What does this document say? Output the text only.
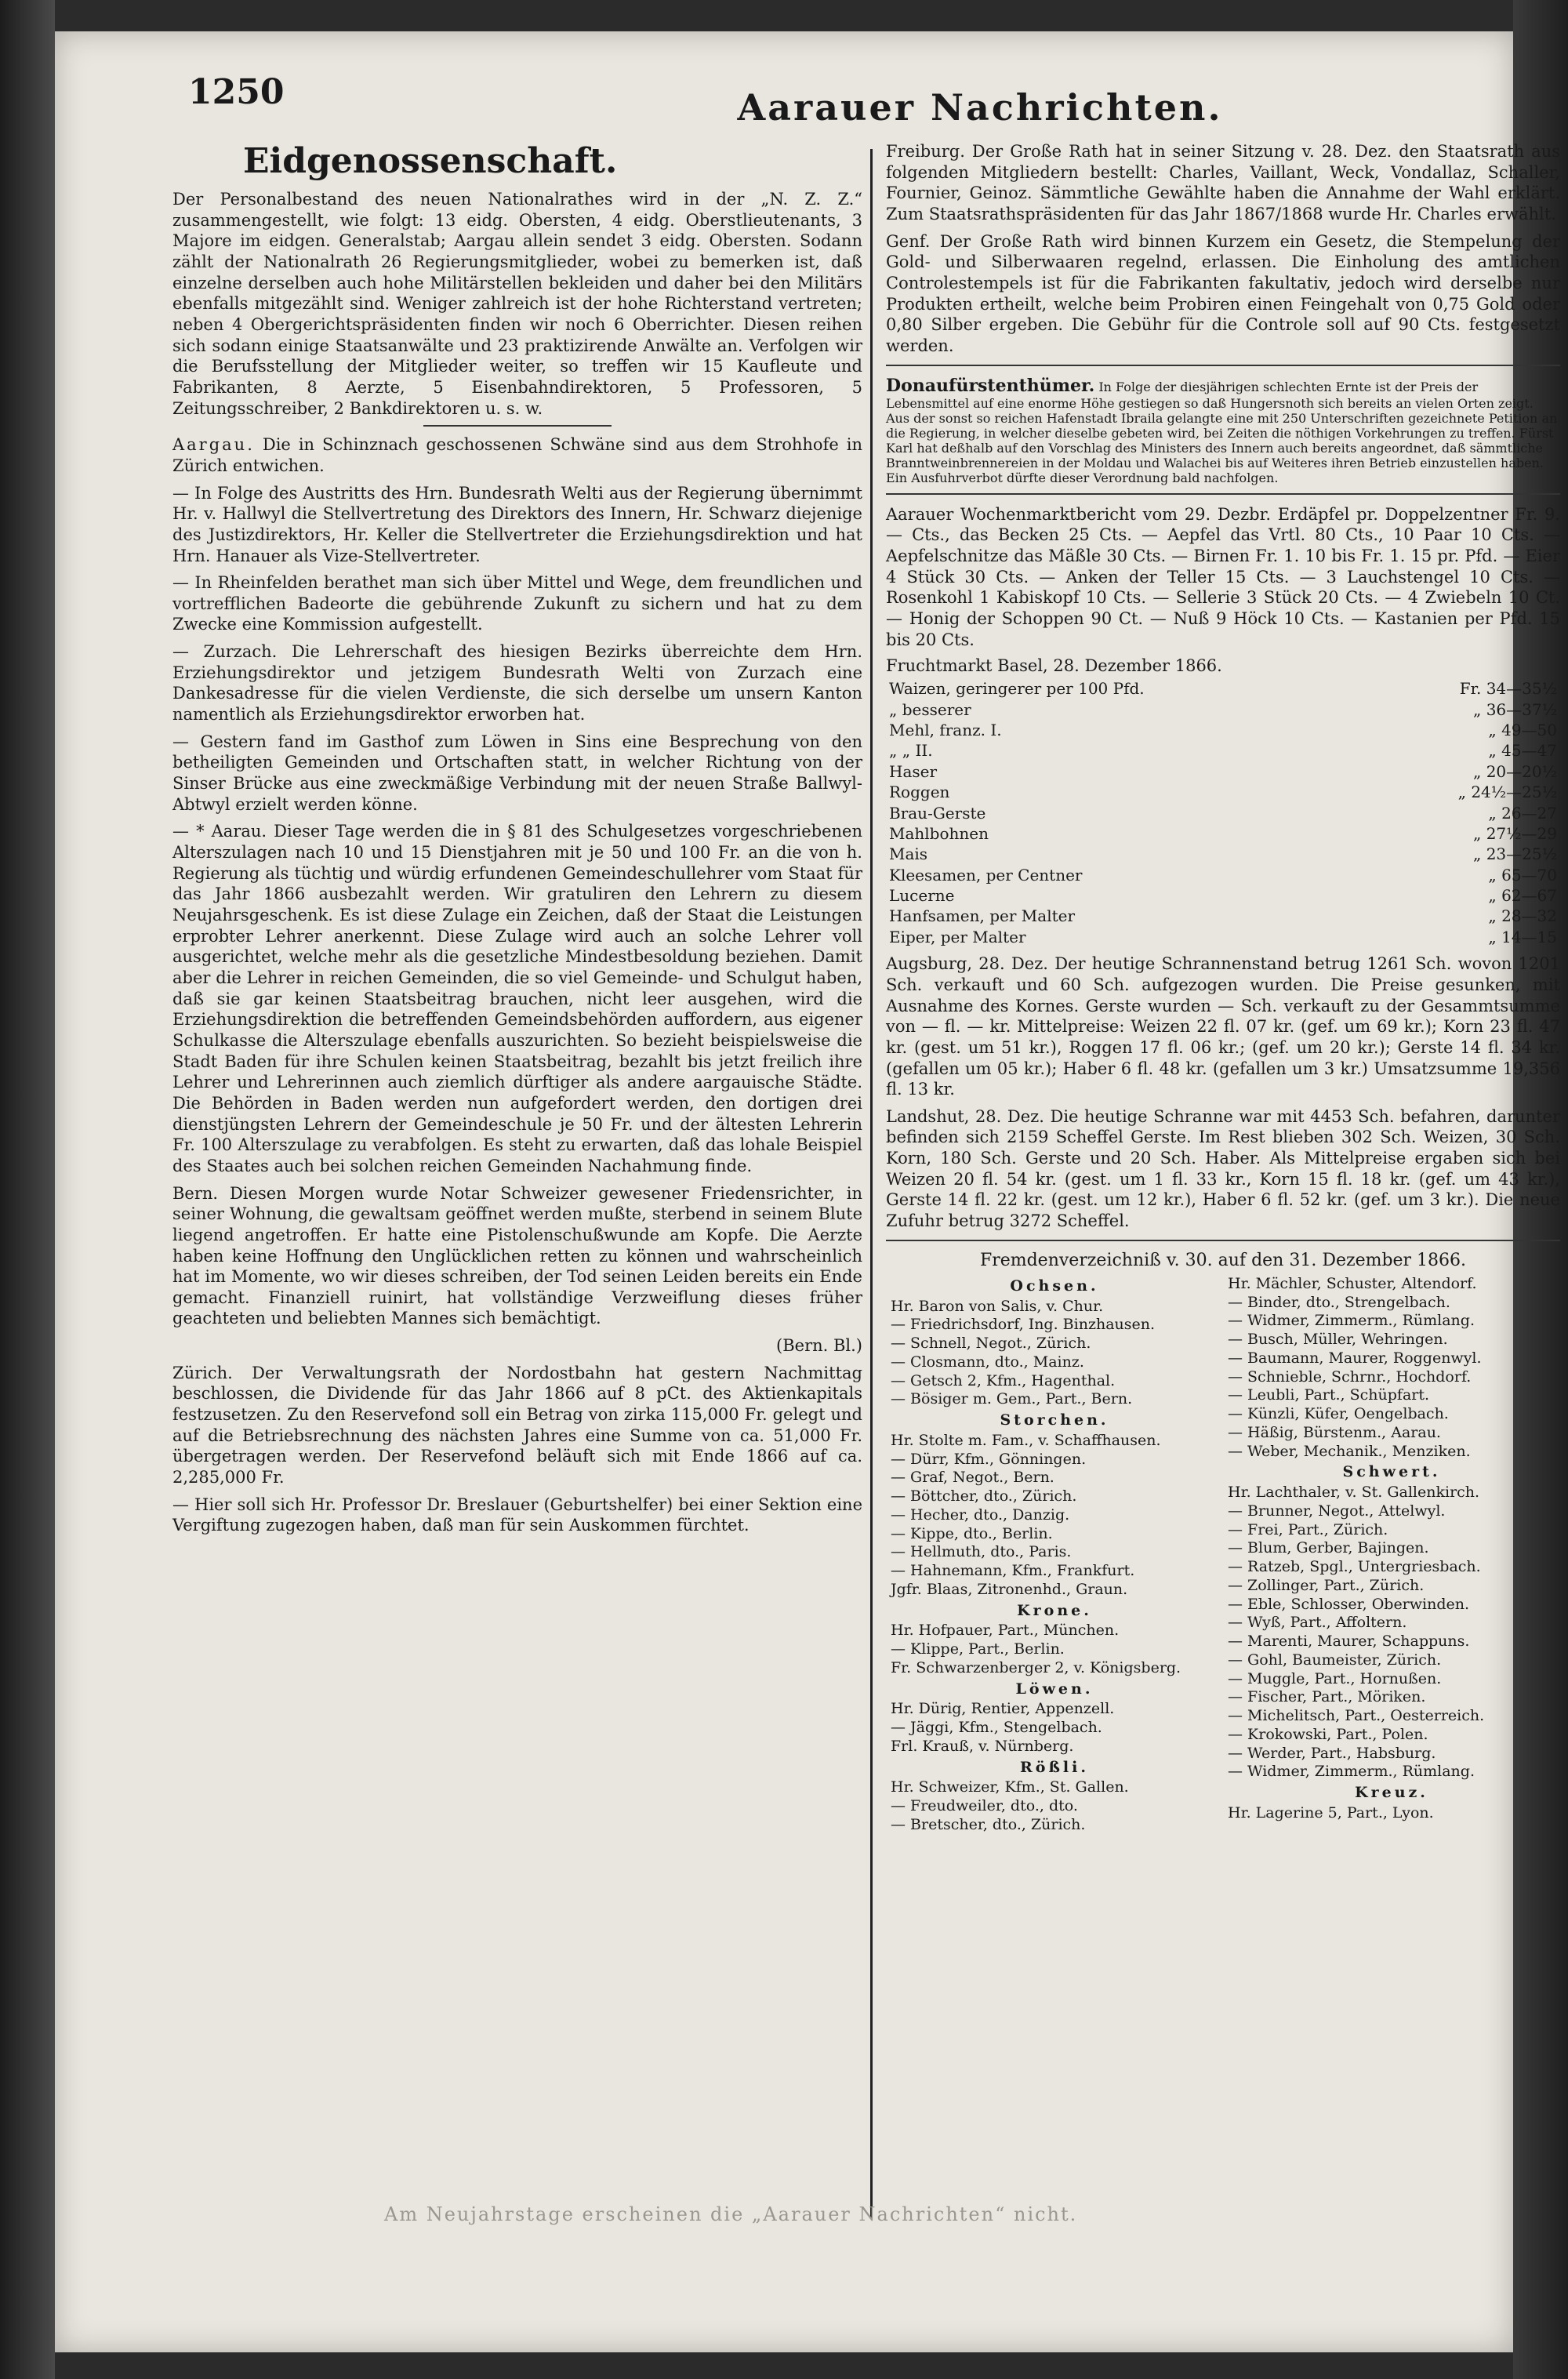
1250	Aarauer Nachrichten.
Eidgenossenschaft.

Der Personalbestand des neuen Nationalrathes wird in der „N. Z. Z.“ zusammengestellt, wie folgt: 13 eidg. Obersten, 4 eidg. Oberstlieutenants, 3 Majore im eidgen. Generalstab; Aargau allein sendet 3 eidg. Obersten. Sodann zählt der Nationalrath 26 Regierungsmitglieder, wobei zu bemerken ist, daß einzelne derselben auch hohe Militärstellen bekleiden und daher bei den Militärs ebenfalls mitgezählt sind. Weniger zahlreich ist der hohe Richterstand vertreten; neben 4 Obergerichtspräsidenten finden wir noch 6 Oberrichter. Diesen reihen sich sodann einige Staatsanwälte und 23 praktizirende Anwälte an. Verfolgen wir die Berufsstellung der Mitglieder weiter, so treffen wir 15 Kaufleute und Fabrikanten, 8 Aerzte, 5 Eisenbahndirektoren, 5 Professoren, 5 Zeitungsschreiber, 2 Bankdirektoren u. s. w.

Aargau. Die in Schinznach geschossenen Schwäne sind aus dem Strohhofe in Zürich entwichen.

— In Folge des Austritts des Hrn. Bundesrath Welti aus der Regierung übernimmt Hr. v. Hallwyl die Stellvertretung des Direktors des Innern, Hr. Schwarz diejenige des Justizdirektors, Hr. Keller die Stellvertreter die Erziehungsdirektion und hat Hrn. Hanauer als Vize-Stellvertreter.

— In Rheinfelden berathet man sich über Mittel und Wege, dem freundlichen und vortrefflichen Badeorte die gebührende Zukunft zu sichern und hat zu dem Zwecke eine Kommission aufgestellt.

— Zurzach. Die Lehrerschaft des hiesigen Bezirks überreichte dem Hrn. Erziehungsdirektor und jetzigem Bundesrath Welti von Zurzach eine Dankesadresse für die vielen Verdienste, die sich derselbe um unsern Kanton namentlich als Erziehungsdirektor erworben hat.

— Gestern fand im Gasthof zum Löwen in Sins eine Besprechung von den betheiligten Gemeinden und Ortschaften statt, in welcher Richtung von der Sinser Brücke aus eine zweckmäßige Verbindung mit der neuen Straße Ballwyl-Abtwyl erzielt werden könne.

— * Aarau. Dieser Tage werden die in § 81 des Schulgesetzes vorgeschriebenen Alterszulagen nach 10 und 15 Dienstjahren mit je 50 und 100 Fr. an die von h. Regierung als tüchtig und würdig erfundenen Gemeindeschullehrer vom Staat für das Jahr 1866 ausbezahlt werden. Wir gratuliren den Lehrern zu diesem Neujahrsgeschenk. Es ist diese Zulage ein Zeichen, daß der Staat die Leistungen erprobter Lehrer anerkennt. Diese Zulage wird auch an solche Lehrer voll ausgerichtet, welche mehr als die gesetzliche Mindestbesoldung beziehen. Damit aber die Lehrer in reichen Gemeinden, die so viel Gemeinde- und Schulgut haben, daß sie gar keinen Staatsbeitrag brauchen, nicht leer ausgehen, wird die Erziehungsdirektion die betreffenden Gemeindsbehörden auffordern, aus eigener Schulkasse die Alterszulage ebenfalls auszurichten. So bezieht beispielsweise die Stadt Baden für ihre Schulen keinen Staatsbeitrag, bezahlt bis jetzt freilich ihre Lehrer und Lehrerinnen auch ziemlich dürftiger als andere aargauische Städte. Die Behörden in Baden werden nun aufgefordert werden, den dortigen drei dienstjüngsten Lehrern der Gemeindeschule je 50 Fr. und der ältesten Lehrerin Fr. 100 Alterszulage zu verabfolgen. Es steht zu erwarten, daß das lohale Beispiel des Staates auch bei solchen reichen Gemeinden Nachahmung finde.

Bern. Diesen Morgen wurde Notar Schweizer gewesener Friedensrichter, in seiner Wohnung, die gewaltsam geöffnet werden mußte, sterbend in seinem Blute liegend angetroffen. Er hatte eine Pistolenschußwunde am Kopfe. Die Aerzte haben keine Hoffnung den Unglücklichen retten zu können und wahrscheinlich hat im Momente, wo wir dieses schreiben, der Tod seinen Leiden bereits ein Ende gemacht. Finanziell ruinirt, hat vollständige Verzweiflung dieses früher geachteten und beliebten Mannes sich bemächtigt.

(Bern. Bl.)

Zürich. Der Verwaltungsrath der Nordostbahn hat gestern Nachmittag beschlossen, die Dividende für das Jahr 1866 auf 8 pCt. des Aktienkapitals festzusetzen. Zu den Reservefond soll ein Betrag von zirka 115,000 Fr. gelegt und auf die Betriebsrechnung des nächsten Jahres eine Summe von ca. 51,000 Fr. übergetragen werden. Der Reservefond beläuft sich mit Ende 1866 auf ca. 2,285,000 Fr.

— Hier soll sich Hr. Professor Dr. Breslauer (Geburtshelfer) bei einer Sektion eine Vergiftung zugezogen haben, daß man für sein Auskommen fürchtet.

Freiburg. Der Große Rath hat in seiner Sitzung v. 28. Dez. den Staatsrath aus folgenden Mitgliedern bestellt: Charles, Vaillant, Weck, Vondallaz, Schaller, Fournier, Geinoz. Sämmtliche Gewählte haben die Annahme der Wahl erklärt. Zum Staatsrathspräsidenten für das Jahr 1867/1868 wurde Hr. Charles erwählt.

Genf. Der Große Rath wird binnen Kurzem ein Gesetz, die Stempelung der Gold- und Silberwaaren regelnd, erlassen. Die Einholung des amtlichen Controlestempels ist für die Fabrikanten fakultativ, jedoch wird derselbe nur Produkten ertheilt, welche beim Probiren einen Feingehalt von 0,75 Gold oder 0,80 Silber ergeben. Die Gebühr für die Controle soll auf 90 Cts. festgesetzt werden.

Donaufürstenthümer. In Folge der diesjährigen schlechten Ernte ist der Preis der Lebensmittel auf eine enorme Höhe gestiegen so daß Hungersnoth sich bereits an vielen Orten zeigt. Aus der sonst so reichen Hafenstadt Ibraila gelangte eine mit 250 Unterschriften gezeichnete Petition an die Regierung, in welcher dieselbe gebeten wird, bei Zeiten die nöthigen Vorkehrungen zu treffen. Fürst Karl hat deßhalb auf den Vorschlag des Ministers des Innern auch bereits angeordnet, daß sämmtliche Branntweinbrennereien in der Moldau und Walachei bis auf Weiteres ihren Betrieb einzustellen haben. Ein Ausfuhrverbot dürfte dieser Verordnung bald nachfolgen.

Aarauer Wochenmarktbericht vom 29. Dezbr. Erdäpfel pr. Doppelzentner Fr. 9. — Cts., das Becken 25 Cts. — Aepfel das Vrtl. 80 Cts., 10 Paar 10 Cts. — Aepfelschnitze das Mäßle 30 Cts. — Birnen Fr. 1. 10 bis Fr. 1. 15 pr. Pfd. — Eier 4 Stück 30 Cts. — Anken der Teller 15 Cts. — 3 Lauchstengel 10 Cts. — Rosenkohl 1 Kabiskopf 10 Cts. — Sellerie 3 Stück 20 Cts. — 4 Zwiebeln 10 Ct. — Honig der Schoppen 90 Ct. — Nuß 9 Höck 10 Cts. — Kastanien per Pfd. 15 bis 20 Cts.

Fruchtmarkt Basel, 28. Dezember 1866.
Waizen, geringerer per 100 Pfd.	Fr. 34—35½
„ besserer	„ 36—37½
Mehl, franz. I.	„ 49—50
„ „ II.	„ 45—47
Haser	„ 20—20½
Roggen	„ 24½—25½
Brau-Gerste	„ 26—27
Mahlbohnen	„ 27½—29
Mais	„ 23—25½
Kleesamen, per Centner	„ 65—70
Lucerne	„ 62—67
Hanfsamen, per Malter	„ 28—32
Eiper, per Malter	„ 14—15

Augsburg, 28. Dez. Der heutige Schrannenstand betrug 1261 Sch. wovon 1201 Sch. verkauft und 60 Sch. aufgezogen wurden. Die Preise gesunken, mit Ausnahme des Kornes. Gerste wurden — Sch. verkauft zu der Gesammtsumme von — fl. — kr. Mittelpreise: Weizen 22 fl. 07 kr. (gef. um 69 kr.); Korn 23 fl. 47 kr. (gest. um 51 kr.), Roggen 17 fl. 06 kr.; (gef. um 20 kr.); Gerste 14 fl. 34 kr. (gefallen um 05 kr.); Haber 6 fl. 48 kr. (gefallen um 3 kr.) Umsatzsumme 19,356 fl. 13 kr.

Landshut, 28. Dez. Die heutige Schranne war mit 4453 Sch. befahren, darunter befinden sich 2159 Scheffel Gerste. Im Rest blieben 302 Sch. Weizen, 30 Sch. Korn, 180 Sch. Gerste und 20 Sch. Haber. Als Mittelpreise ergaben sich bei Weizen 20 fl. 54 kr. (gest. um 1 fl. 33 kr., Korn 15 fl. 18 kr. (gef. um 43 kr.), Gerste 14 fl. 22 kr. (gest. um 12 kr.), Haber 6 fl. 52 kr. (gef. um 3 kr.). Die neue Zufuhr betrug 3272 Scheffel.

Fremdenverzeichniß v. 30. auf den 31. Dezember 1866.
Ochsen.
Hr. Baron von Salis, v. Chur.
— Friedrichsdorf, Ing. Binzhausen.
— Schnell, Negot., Zürich.
— Closmann, dto., Mainz.
— Getsch 2, Kfm., Hagenthal.
— Bösiger m. Gem., Part., Bern.
Storchen.
Hr. Stolte m. Fam., v. Schaffhausen.
— Dürr, Kfm., Gönningen.
— Graf, Negot., Bern.
— Böttcher, dto., Zürich.
— Hecher, dto., Danzig.
— Kippe, dto., Berlin.
— Hellmuth, dto., Paris.
— Hahnemann, Kfm., Frankfurt.
Jgfr. Blaas, Zitronenhd., Graun.
Krone.
Hr. Hofpauer, Part., München.
— Klippe, Part., Berlin.
Fr. Schwarzenberger 2, v. Königsberg.
Löwen.
Hr. Dürig, Rentier, Appenzell.
— Jäggi, Kfm., Stengelbach.
Frl. Krauß, v. Nürnberg.
Rößli.
Hr. Schweizer, Kfm., St. Gallen.
— Freudweiler, dto., dto.
— Bretscher, dto., Zürich.
Hr. Mächler, Schuster, Altendorf.
— Binder, dto., Strengelbach.
— Widmer, Zimmerm., Rümlang.
— Busch, Müller, Wehringen.
— Baumann, Maurer, Roggenwyl.
— Schnieble, Schrnr., Hochdorf.
— Leubli, Part., Schüpfart.
— Künzli, Küfer, Oengelbach.
— Häßig, Bürstenm., Aarau.
— Weber, Mechanik., Menziken.
Schwert.
Hr. Lachthaler, v. St. Gallenkirch.
— Brunner, Negot., Attelwyl.
— Frei, Part., Zürich.
— Blum, Gerber, Bajingen.
— Ratzeb, Spgl., Untergriesbach.
— Zollinger, Part., Zürich.
— Eble, Schlosser, Oberwinden.
— Wyß, Part., Affoltern.
— Marenti, Maurer, Schappuns.
— Gohl, Baumeister, Zürich.
— Muggle, Part., Hornußen.
— Fischer, Part., Möriken.
— Michelitsch, Part., Oesterreich.
— Krokowski, Part., Polen.
— Werder, Part., Habsburg.
— Widmer, Zimmerm., Rümlang.
Kreuz.
Hr. Lagerine 5, Part., Lyon.
Am Neujahrstage erscheinen die „Aarauer Nachrichten“ nicht.
